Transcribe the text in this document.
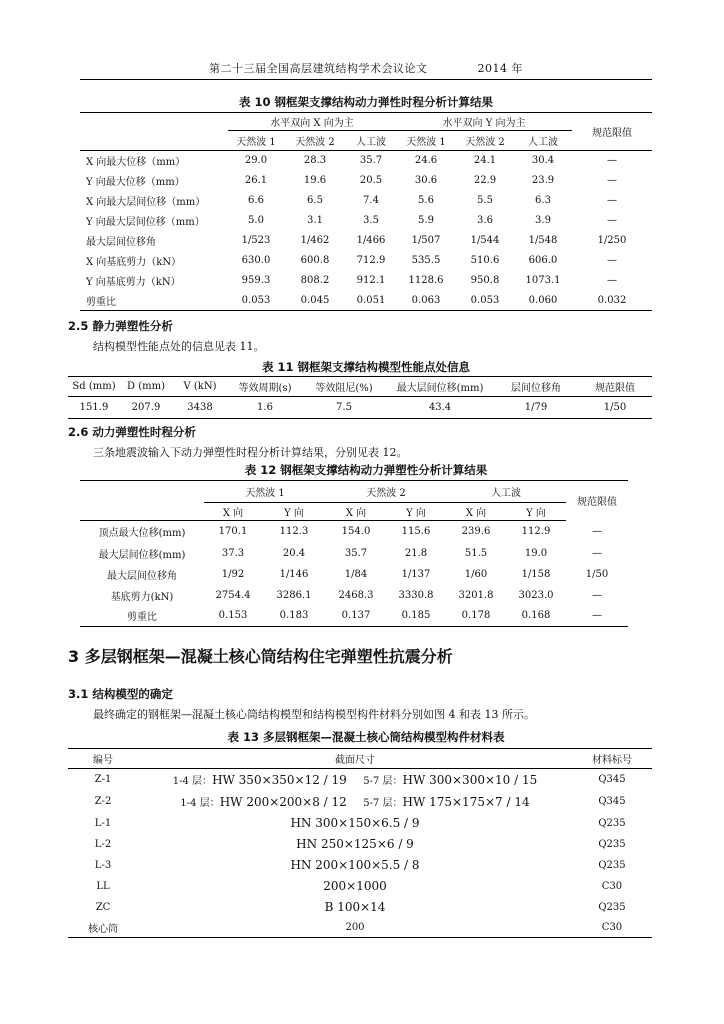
第二十三届全国高层建筑结构学术会议论文	2014 年
表 10 钢框架支撑结构动力弹性时程分析计算结果
	水平双向 X 向为主			水平双向 Y 向为主			规范限值
	天然波 1	天然波 2	人工波	天然波 1	天然波 2	人工波	
X 向最大位移（mm）	29.0	28.3	35.7	24.6	24.1	30.4	—
Y 向最大位移（mm）	26.1	19.6	20.5	30.6	22.9	23.9	—
X 向最大层间位移（mm）	6.6	6.5	7.4	5.6	5.5	6.3	—
Y 向最大层间位移（mm）	5.0	3.1	3.5	5.9	3.6	3.9	—
最大层间位移角	1/523	1/462	1/466	1/507	1/544	1/548	1/250
X 向基底剪力（kN）	630.0	600.8	712.9	535.5	510.6	606.0	—
Y 向基底剪力（kN）	959.3	808.2	912.1	1128.6	950.8	1073.1	—
剪重比	0.053	0.045	0.051	0.063	0.053	0.060	0.032
2.5 静力弹塑性分析
结构模型性能点处的信息见表 11。
表 11 钢框架支撑结构模型性能点处信息
Sd (mm)	D (mm)	V (kN)	等效周期(s)	等效阻尼(%)	最大层间位移(mm)	层间位移角	规范限值
151.9	207.9	3438	1.6	7.5	43.4	1/79	1/50
2.6 动力弹塑性时程分析
三条地震波输入下动力弹塑性时程分析计算结果，分别见表 12。
表 12 钢框架支撑结构动力弹塑性分析计算结果
	天然波 1		天然波 2		人工波		规范限值
	X 向	Y 向	X 向	Y 向	X 向	Y 向	
顶点最大位移(mm)	170.1	112.3	154.0	115.6	239.6	112.9	—
最大层间位移(mm)	37.3	20.4	35.7	21.8	51.5	19.0	—
最大层间位移角	1/92	1/146	1/84	1/137	1/60	1/158	1/50
基底剪力(kN)	2754.4	3286.1	2468.3	3330.8	3201.8	3023.0	—
剪重比	0.153	0.183	0.137	0.185	0.178	0.168	—
3 多层钢框架—混凝土核心筒结构住宅弹塑性抗震分析
3.1 结构模型的确定
最终确定的钢框架—混凝土核心筒结构模型和结构模型构件材料分别如图 4 和表 13 所示。
表 13 多层钢框架—混凝土核心筒结构模型构件材料表
编号	截面尺寸	材料标号
Z-1	1-4 层：HW 350×350×12 / 19 5-7 层：HW 300×300×10 / 15	Q345
Z-2	1-4 层：HW 200×200×8 / 12 5-7 层：HW 175×175×7 / 14	Q345
L-1	HN 300×150×6.5 / 9	Q235
L-2	HN 250×125×6 / 9	Q235
L-3	HN 200×100×5.5 / 8	Q235
LL	200×1000	C30
ZC	B 100×14	Q235
核心筒	200	C30
